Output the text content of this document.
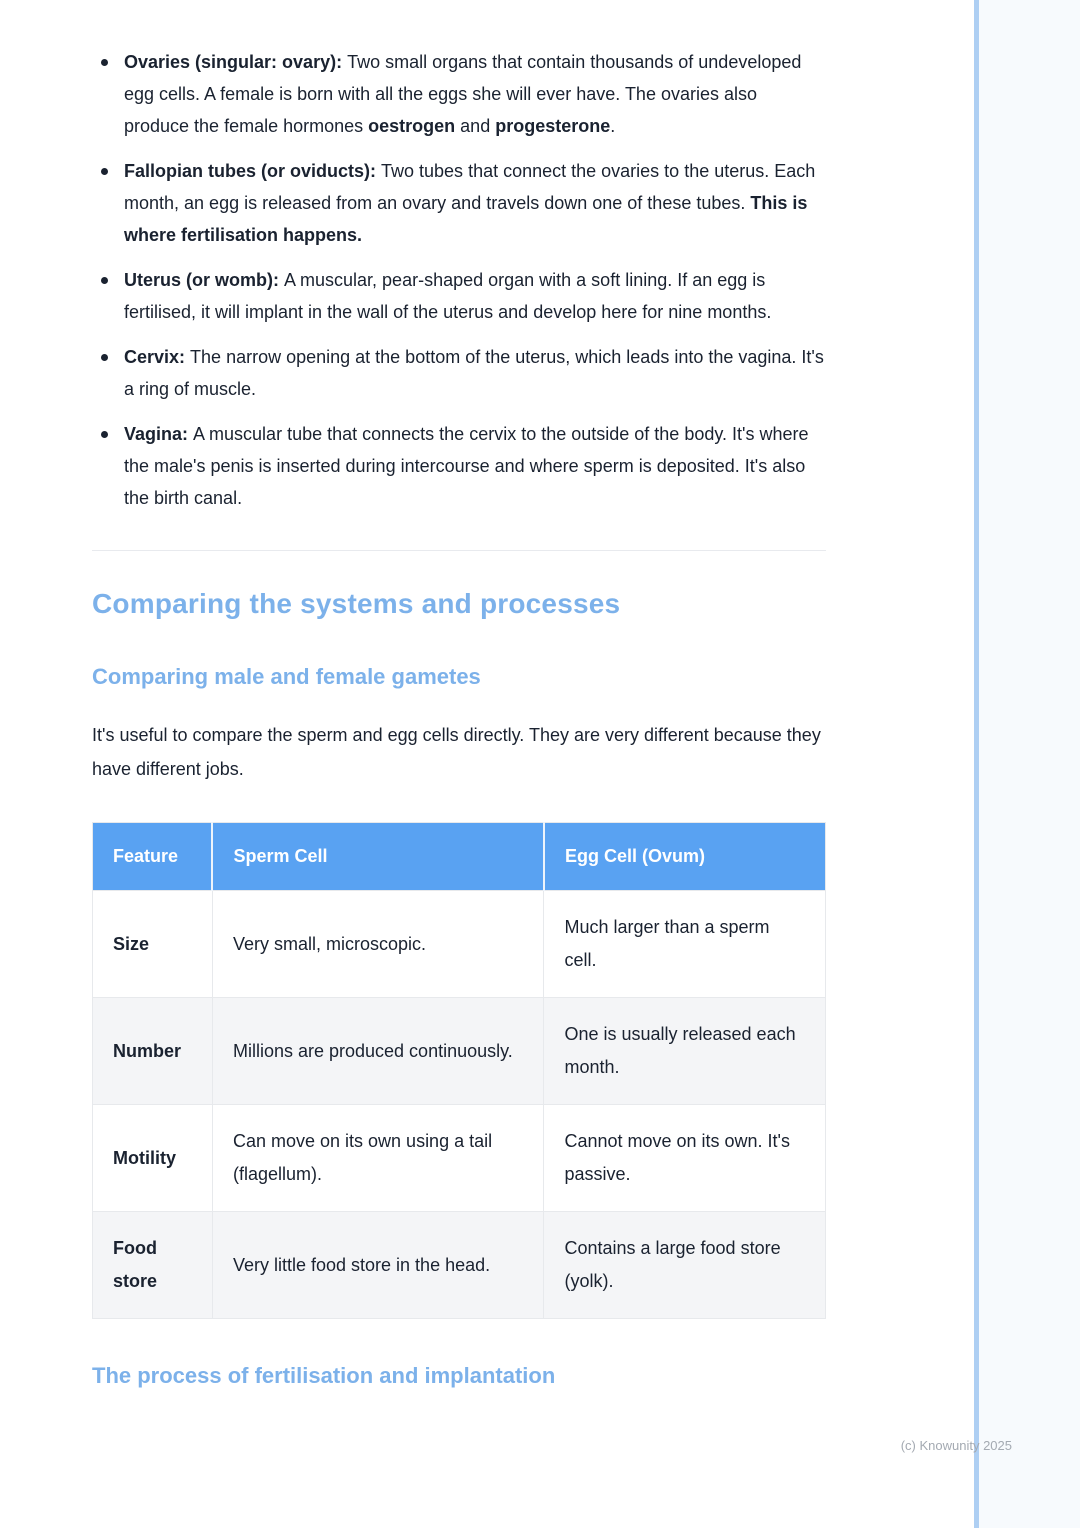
Ovaries (singular: ovary): Two small organs that contain thousands of undeveloped egg cells. A female is born with all the eggs she will ever have. The ovaries also produce the female hormones oestrogen and progesterone.
Fallopian tubes (or oviducts): Two tubes that connect the ovaries to the uterus. Each month, an egg is released from an ovary and travels down one of these tubes. This is where fertilisation happens.
Uterus (or womb): A muscular, pear-shaped organ with a soft lining. If an egg is fertilised, it will implant in the wall of the uterus and develop here for nine months.
Cervix: The narrow opening at the bottom of the uterus, which leads into the vagina. It's a ring of muscle.
Vagina: A muscular tube that connects the cervix to the outside of the body. It's where the male's penis is inserted during intercourse and where sperm is deposited. It's also the birth canal.
Comparing the systems and processes
Comparing male and female gametes

It's useful to compare the sperm and egg cells directly. They are very different because they have different jobs.

Feature	Sperm Cell	Egg Cell (Ovum)
Size	Very small, microscopic.	Much larger than a sperm cell.
Number	Millions are produced continuously.	One is usually released each month.
Motility	Can move on its own using a tail (flagellum).	Cannot move on its own. It's passive.
Food store	Very little food store in the head.	Contains a large food store (yolk).
The process of fertilisation and implantation
(c) Knowunity 2025
